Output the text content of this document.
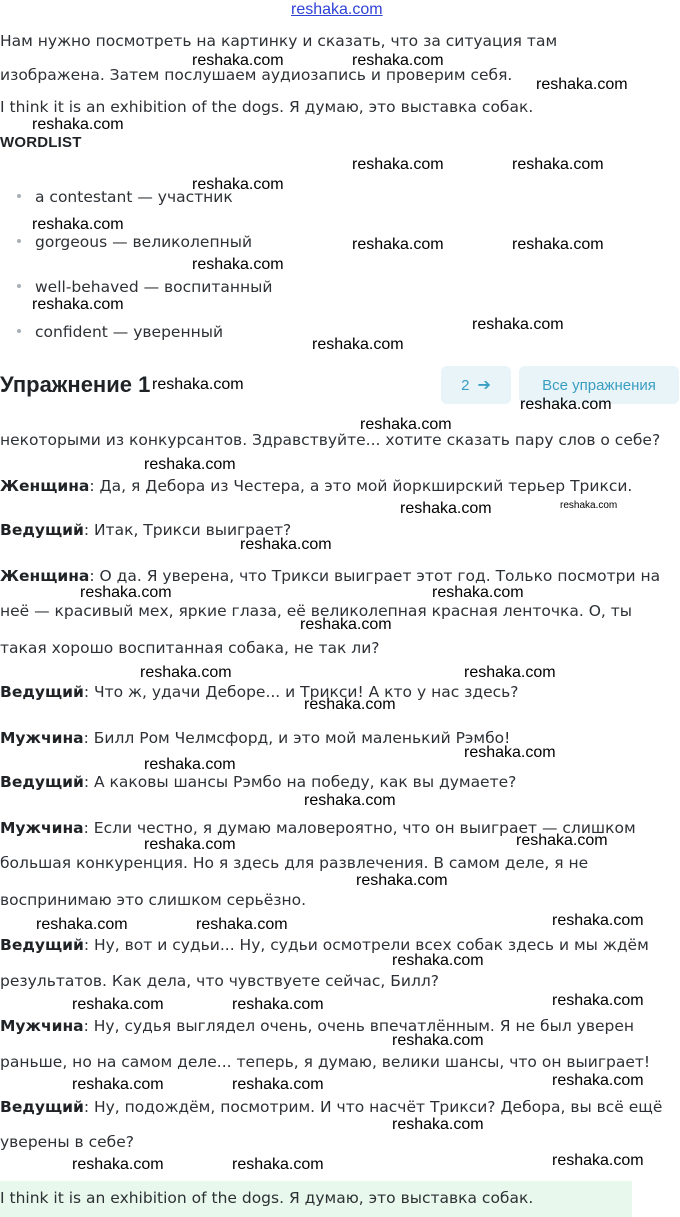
reshaka.com

Нам нужно посмотреть на картинку и сказать, что за ситуация там

изображена. Затем послушаем аудиозапись и проверим себя.

I think it is an exhibition of the dogs. Я думаю, это выставка собак.

WORDLIST
a contestant — участник
gorgeous — великолепный
well-behaved — воспитанный
confident — уверенный
Упражнение 1	2 ➔	Все упражнения

некоторыми из конкурсантов. Здравствуйте... хотите сказать пару слов о себе?

Женщина: Да, я Дебора из Честера, а это мой йоркширский терьер Трикси.

Ведущий: Итак, Трикси выиграет?

Женщина: О да. Я уверена, что Трикси выиграет этот год. Только посмотри на

неё — красивый мех, яркие глаза, её великолепная красная ленточка. О, ты

такая хорошо воспитанная собака, не так ли?

Ведущий: Что ж, удачи Деборе... и Трикси! А кто у нас здесь?

Мужчина: Билл Ром Челмсфорд, и это мой маленький Рэмбо!

Ведущий: А каковы шансы Рэмбо на победу, как вы думаете?

Мужчина: Если честно, я думаю маловероятно, что он выиграет — слишком

большая конкуренция. Но я здесь для развлечения. В самом деле, я не

воспринимаю это слишком серьёзно.

Ведущий: Ну, вот и судьи... Ну, судьи осмотрели всех собак здесь и мы ждём

результатов. Как дела, что чувствуете сейчас, Билл?

Мужчина: Ну, судья выглядел очень, очень впечатлённым. Я не был уверен

раньше, но на самом деле... теперь, я думаю, велики шансы, что он выиграет!

Ведущий: Ну, подождём, посмотрим. И что насчёт Трикси? Дебора, вы всё ещё

уверены в себе?

I think it is an exhibition of the dogs. Я думаю, это выставка собак.
reshaka.com	reshaka.com
reshaka.com
reshaka.com
reshaka.com	reshaka.com
reshaka.com
reshaka.com
reshaka.com	reshaka.com
reshaka.com
reshaka.com
reshaka.com
reshaka.com
reshaka.com
reshaka.com
reshaka.com
reshaka.com
reshaka.com
reshaka.com
reshaka.com
reshaka.com	reshaka.com
reshaka.com
reshaka.com	reshaka.com
reshaka.com
reshaka.com
reshaka.com
reshaka.com
reshaka.com
reshaka.com
reshaka.com
reshaka.com	reshaka.com	reshaka.com
reshaka.com
reshaka.com	reshaka.com	reshaka.com
reshaka.com
reshaka.com	reshaka.com	reshaka.com
reshaka.com
reshaka.com	reshaka.com	reshaka.com
